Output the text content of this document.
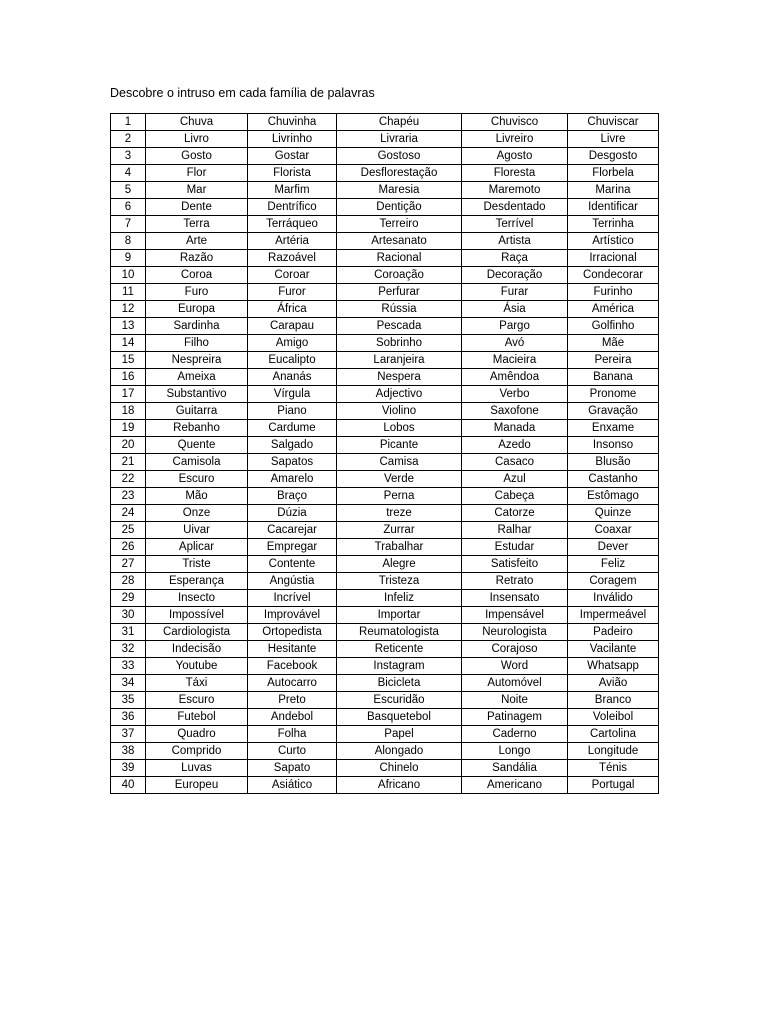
Descobre o intruso em cada família de palavras
1	Chuva	Chuvinha	Chapéu	Chuvisco	Chuviscar
2	Livro	Livrinho	Livraria	Livreiro	Livre
3	Gosto	Gostar	Gostoso	Agosto	Desgosto
4	Flor	Florista	Desflorestação	Floresta	Florbela
5	Mar	Marfim	Maresia	Maremoto	Marina
6	Dente	Dentrífico	Dentição	Desdentado	Identificar
7	Terra	Terráqueo	Terreiro	Terrível	Terrinha
8	Arte	Artéria	Artesanato	Artista	Artístico
9	Razão	Razoável	Racional	Raça	Irracional
10	Coroa	Coroar	Coroação	Decoração	Condecorar
11	Furo	Furor	Perfurar	Furar	Furinho
12	Europa	África	Rússia	Ásia	América
13	Sardinha	Carapau	Pescada	Pargo	Golfinho
14	Filho	Amigo	Sobrinho	Avó	Mãe
15	Nespreira	Eucalipto	Laranjeira	Macieira	Pereira
16	Ameixa	Ananás	Nespera	Amêndoa	Banana
17	Substantivo	Vírgula	Adjectivo	Verbo	Pronome
18	Guitarra	Piano	Violino	Saxofone	Gravação
19	Rebanho	Cardume	Lobos	Manada	Enxame
20	Quente	Salgado	Picante	Azedo	Insonso
21	Camisola	Sapatos	Camisa	Casaco	Blusão
22	Escuro	Amarelo	Verde	Azul	Castanho
23	Mão	Braço	Perna	Cabeça	Estômago
24	Onze	Dúzia	treze	Catorze	Quinze
25	Uivar	Cacarejar	Zurrar	Ralhar	Coaxar
26	Aplicar	Empregar	Trabalhar	Estudar	Dever
27	Triste	Contente	Alegre	Satisfeito	Feliz
28	Esperança	Angústia	Tristeza	Retrato	Coragem
29	Insecto	Incrível	Infeliz	Insensato	Inválido
30	Impossível	Improvável	Importar	Impensável	Impermeável
31	Cardiologista	Ortopedista	Reumatologista	Neurologista	Padeiro
32	Indecisão	Hesitante	Reticente	Corajoso	Vacilante
33	Youtube	Facebook	Instagram	Word	Whatsapp
34	Táxi	Autocarro	Bicicleta	Automóvel	Avião
35	Escuro	Preto	Escuridão	Noite	Branco
36	Futebol	Andebol	Basquetebol	Patinagem	Voleibol
37	Quadro	Folha	Papel	Caderno	Cartolina
38	Comprido	Curto	Alongado	Longo	Longitude
39	Luvas	Sapato	Chinelo	Sandália	Ténis
40	Europeu	Asiático	Africano	Americano	Portugal
